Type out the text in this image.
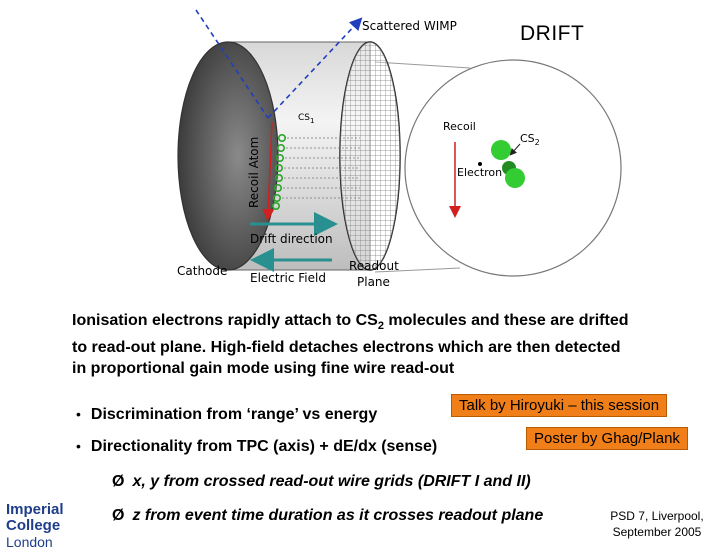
Scattered WIMP
Recoil Atom
$CS_1$	Recoil
$CS_2$
Electron
Drift direction
Cathode Electric Field
Readout
Plane
DRIFT
Ionisation electrons rapidly attach to $CS_2$ molecules and these are drifted to read-out plane. High-field detaches electrons which are then detected in proportional gain mode using fine wire read-out
• Discrimination from ‘range’ vs energy
• Directionality from TPC (axis) + dE/dx (sense)
Talk by Hiroyuki – this session
Poster by Ghag/Plank
Ø x, y from crossed read-out wire grids (DRIFT I and II)
Ø z from event time duration as it crosses readout plane
Imperial College
London
PSD 7, Liverpool,
September 2005
